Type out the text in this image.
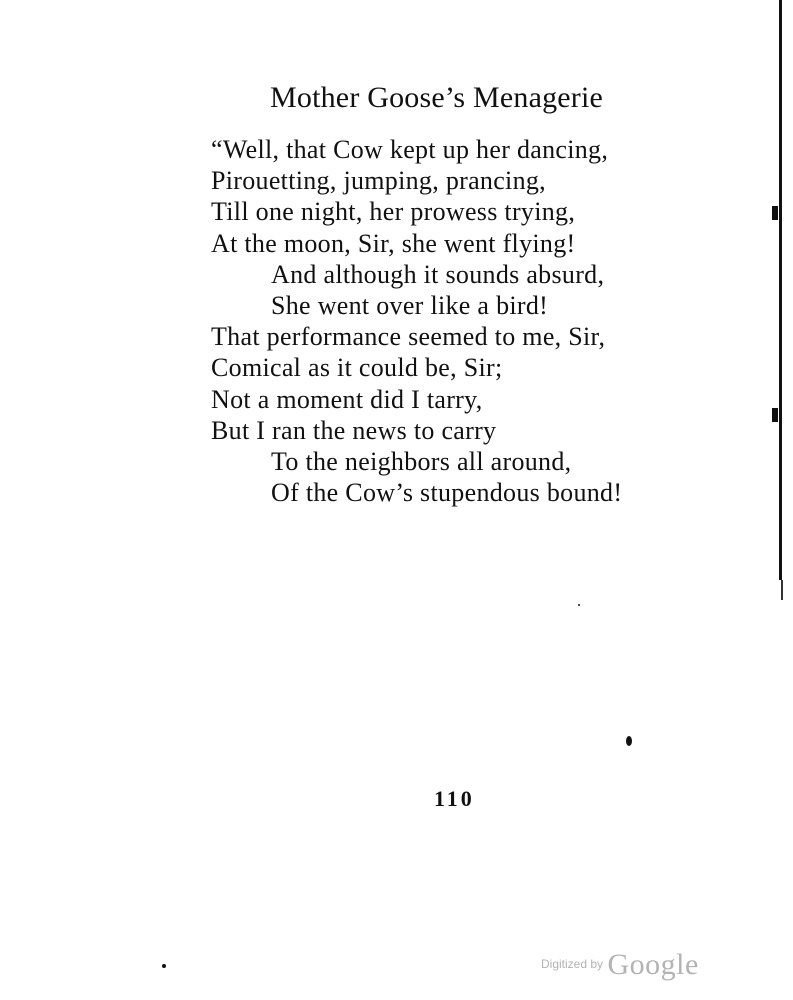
Mother Goose’s Menagerie
“Well, that Cow kept up her dancing,
Pirouetting, jumping, prancing,
Till one night, her prowess trying,
At the moon, Sir, she went flying!
And although it sounds absurd,
She went over like a bird!
That performance seemed to me, Sir,
Comical as it could be, Sir;
Not a moment did I tarry,
But I ran the news to carry
To the neighbors all around,
Of the Cow’s stupendous bound!
110
$^{Digitized by}$ Google
